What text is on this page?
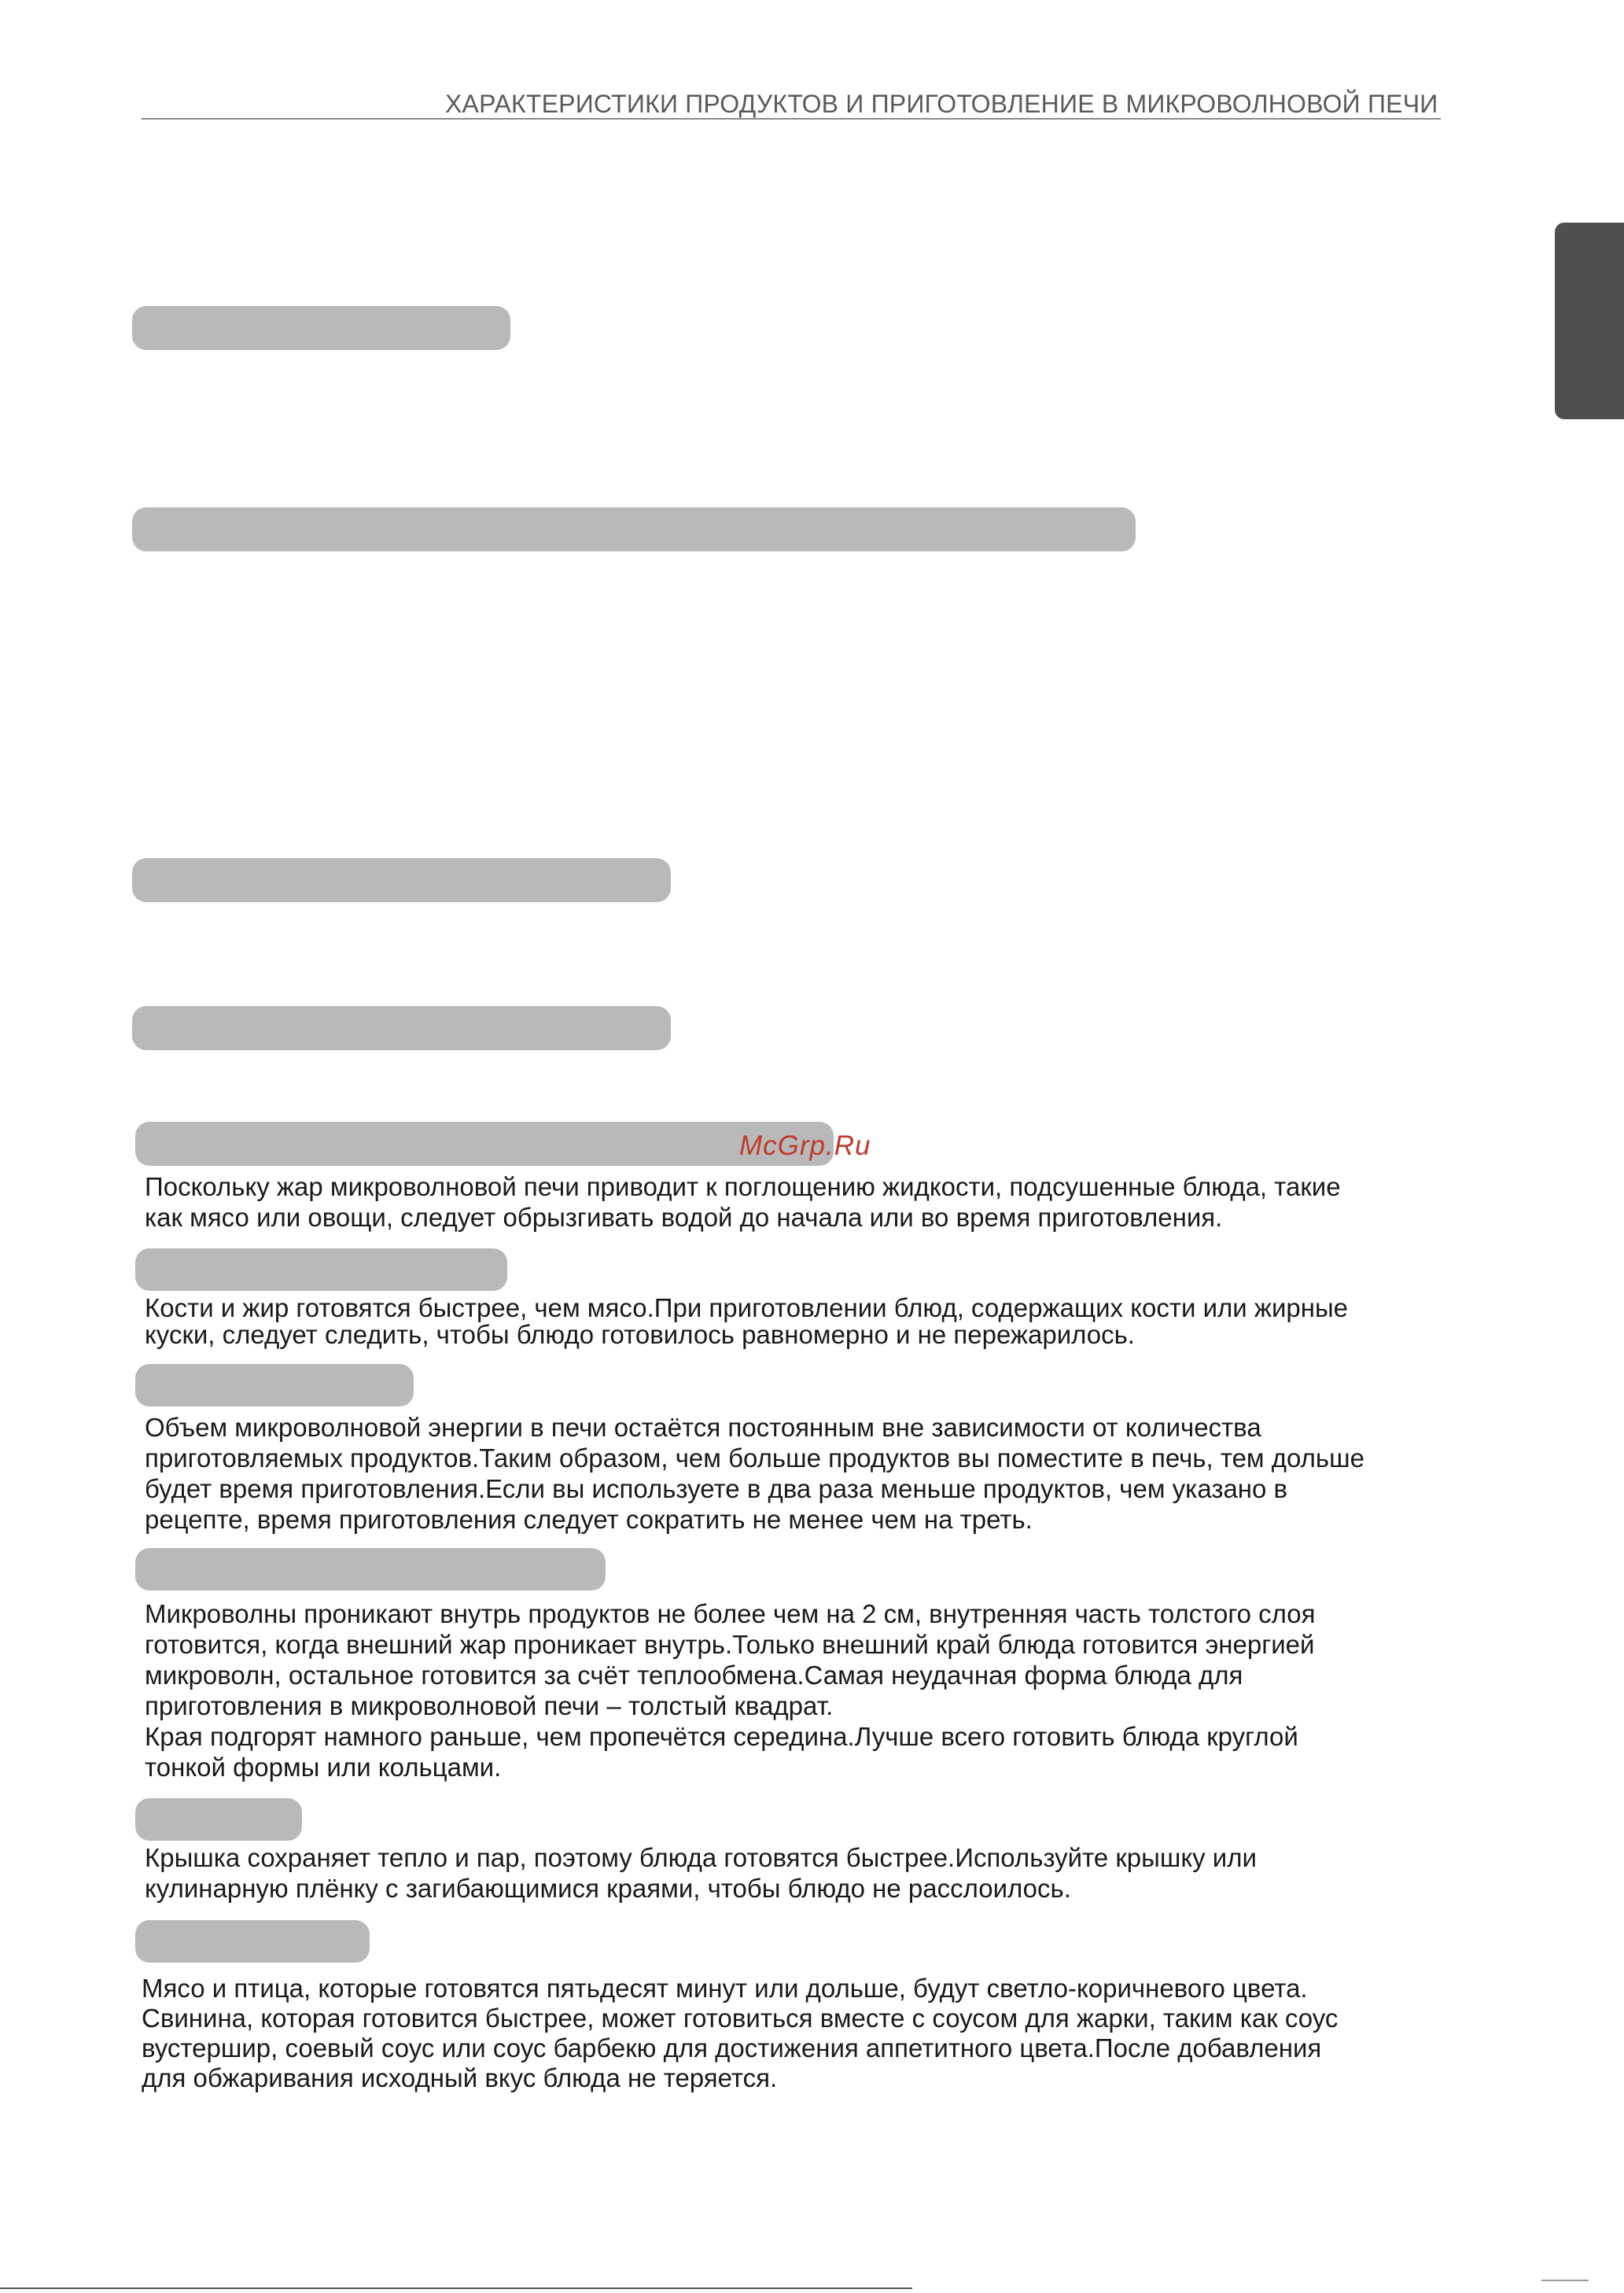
ХАРАКТЕРИСТИКИ ПРОДУКТОВ И ПРИГОТОВЛЕНИЕ В МИКРОВОЛНОВОЙ ПЕЧИ
McGrp.Ru
Поскольку жар микроволновой печи приводит к поглощению жидкости, подсушенные блюда, такие
как мясо или овощи, следует обрызгивать водой до начала или во время приготовления.
Кости и жир готовятся быстрее, чем мясо.При приготовлении блюд, содержащих кости или жирные
куски, следует следить, чтобы блюдо готовилось равномерно и не пережарилось.
Объем микроволновой энергии в печи остаётся постоянным вне зависимости от количества
приготовляемых продуктов.Таким образом, чем больше продуктов вы поместите в печь, тем дольше
будет время приготовления.Если вы используете в два раза меньше продуктов, чем указано в
рецепте, время приготовления следует сократить не менее чем на треть.
Микроволны проникают внутрь продуктов не более чем на 2 см, внутренняя часть толстого слоя
готовится, когда внешний жар проникает внутрь.Только внешний край блюда готовится энергией
микроволн, остальное готовится за счёт теплообмена.Самая неудачная форма блюда для
приготовления в микроволновой печи – толстый квадрат.
Края подгорят намного раньше, чем пропечётся середина.Лучше всего готовить блюда круглой
тонкой формы или кольцами.
Крышка сохраняет тепло и пар, поэтому блюда готовятся быстрее.Используйте крышку или
кулинарную плёнку с загибающимися краями, чтобы блюдо не расслоилось.
Мясо и птица, которые готовятся пятьдесят минут или дольше, будут светло-коричневого цвета.
Свинина, которая готовится быстрее, может готовиться вместе с соусом для жарки, таким как соус
вустершир, соевый соус или соус барбекю для достижения аппетитного цвета.После добавления
для обжаривания исходный вкус блюда не теряется.
